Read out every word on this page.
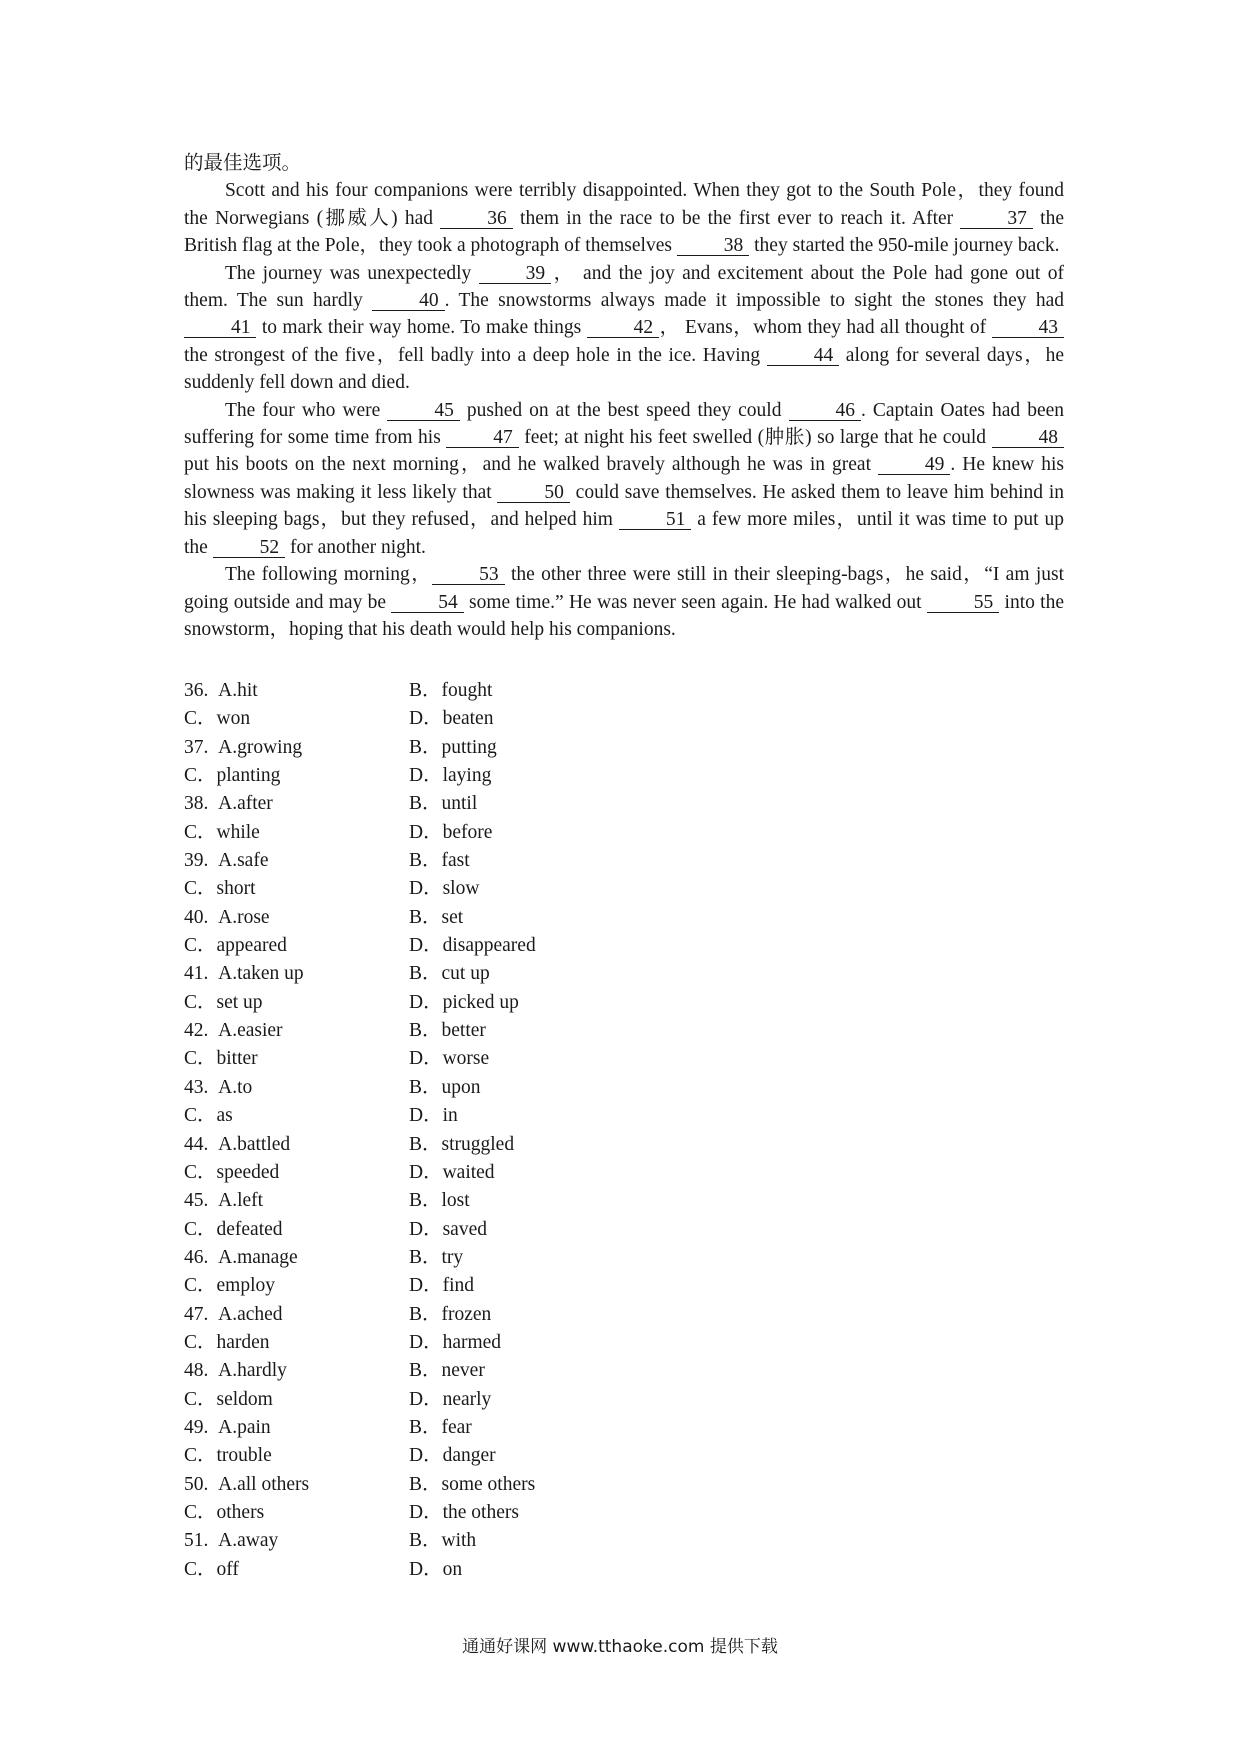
的最佳选项。

Scott and his four companions were terribly disappointed. When they got to the South Pole，they found the Norwegians (挪威人) had 36 them in the race to be the first ever to reach it. After 37 the British flag at the Pole，they took a photograph of themselves 38 they started the 950-mile journey back.

The journey was unexpectedly 39 ， and the joy and excitement about the Pole had gone out of them. The sun hardly 40 . The snowstorms always made it impossible to sight the stones they had 41 to mark their way home. To make things 42 ， Evans，whom they had all thought of 43 the strongest of the five，fell badly into a deep hole in the ice. Having 44 along for several days，he suddenly fell down and died.

The four who were 45 pushed on at the best speed they could 46 . Captain Oates had been suffering for some time from his 47 feet; at night his feet swelled (肿胀) so large that he could 48 put his boots on the next morning，and he walked bravely although he was in great 49 . He knew his slowness was making it less likely that 50 could save themselves. He asked them to leave him behind in his sleeping bags，but they refused，and helped him 51 a few more miles，until it was time to put up the 52 for another night.

The following morning， 53 the other three were still in their sleeping-bags，he said，“I am just going outside and may be 54 some time.” He was never seen again. He had walked out 55 into the snowstorm，hoping that his death would help his companions.

36. A.hit	B．fought
C．won	D．beaten
37. A.growing	B．putting
C．planting	D．laying
38. A.after	B．until
C．while	D．before
39. A.safe	B．fast
C．short	D．slow
40. A.rose	B．set
C．appeared	D．disappeared
41. A.taken up	B．cut up
C．set up	D．picked up
42. A.easier	B．better
C．bitter	D．worse
43. A.to	B．upon
C．as	D．in
44. A.battled	B．struggled
C．speeded	D．waited
45. A.left	B．lost
C．defeated	D．saved
46. A.manage	B．try
C．employ	D．find
47. A.ached	B．frozen
C．harden	D．harmed
48. A.hardly	B．never
C．seldom	D．nearly
49. A.pain	B．fear
C．trouble	D．danger
50. A.all others	B．some others
C．others	D．the others
51. A.away	B．with
C．off	D．on
通通好课网 www.tthaoke.com 提供下载
